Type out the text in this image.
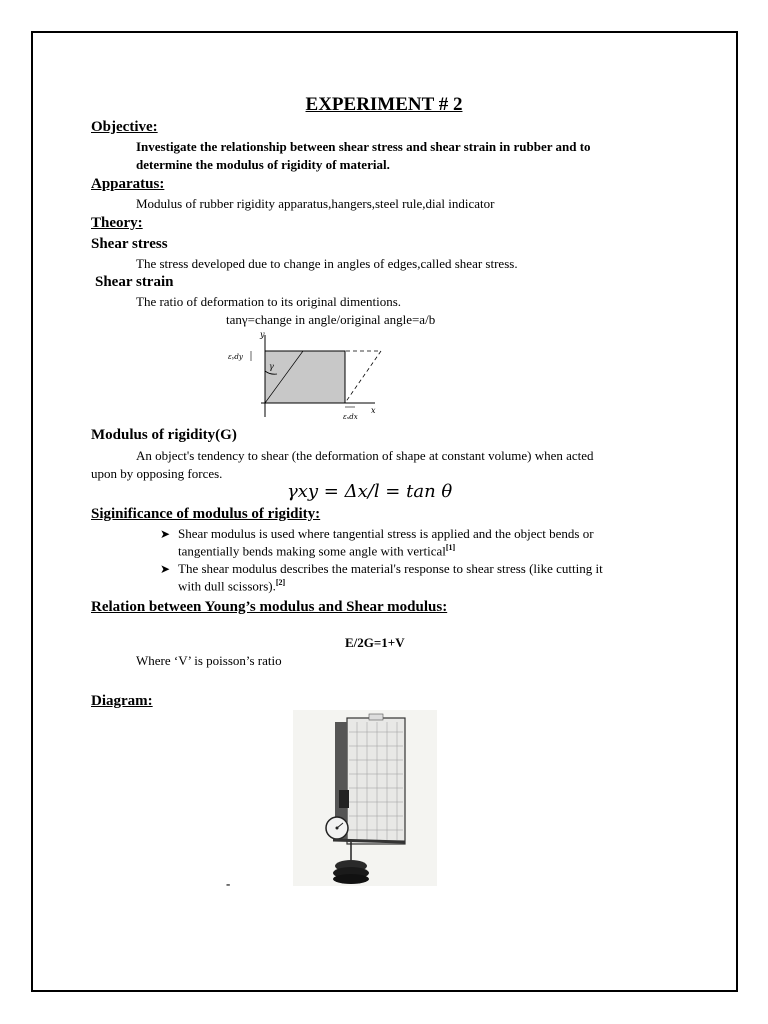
EXPERIMENT # 2
Objective:
Investigate the relationship between shear stress and shear strain in rubber and to
determine the modulus of rigidity of material.
Apparatus:
Modulus of rubber rigidity apparatus,hangers,steel rule,dial indicator
Theory:
Shear stress
The stress developed due to change in angles of edges,called shear stress.
Shear strain
The ratio of deformation to its original dimentions.
tanγ=change in angle/original angle=a/b
y
x
γ
εᵧdy
εₓdx
Modulus of rigidity(G)
An object's tendency to shear (the deformation of shape at constant volume) when acted
upon by opposing forces.
γxy = Δx/l = tan θ
Siginificance of modulus of rigidity:
➤ Shear modulus is used where tangential stress is applied and the object bends or
tangentially bends making some angle with vertical[1]
➤ The shear modulus describes the material's response to shear stress (like cutting it
with dull scissors).[2]
Relation between Young’s modulus and Shear modulus:
E/2G=1+V
Where ‘V’ is poisson’s ratio
Diagram:
-
